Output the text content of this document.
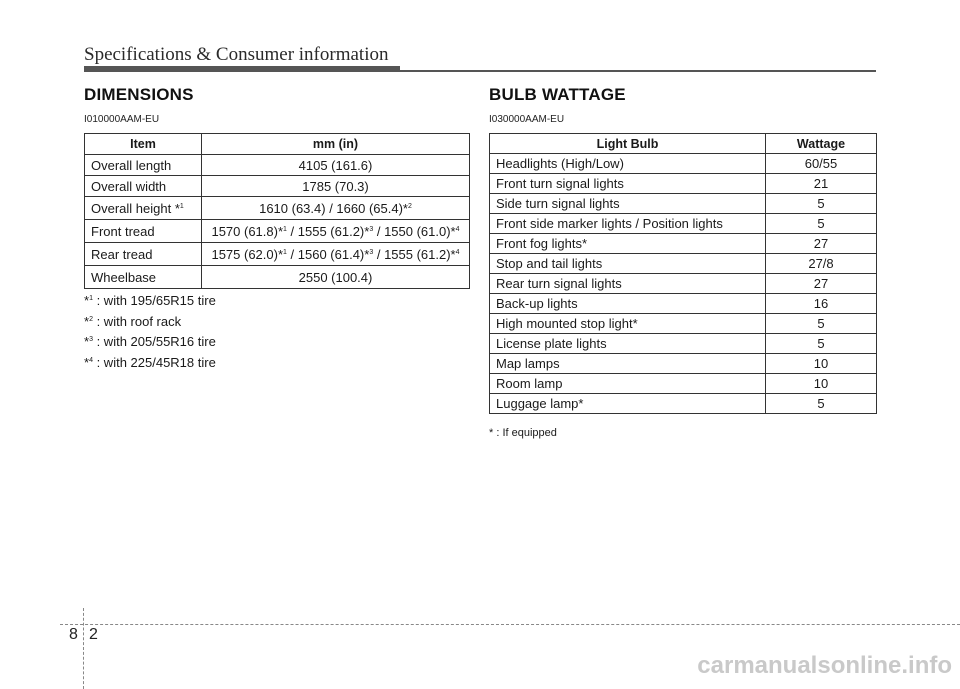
Specifications & Consumer information
DIMENSIONS
I010000AAM-EU
Item	mm (in)
Overall length	4105 (161.6)
Overall width	1785 (70.3)
Overall height *$^1$	1610 (63.4) / 1660 (65.4)*$^2$
Front tread	1570 (61.8)*$^1$ / 1555 (61.2)*$^3$ / 1550 (61.0)*$^4$
Rear tread	1575 (62.0)*$^1$ / 1560 (61.4)*$^3$ / 1555 (61.2)*$^4$
Wheelbase	2550 (100.4)
*$^1$ : with 195/65R15 tire
*$^2$ : with roof rack
*$^3$ : with 205/55R16 tire
*$^4$ : with 225/45R18 tire
BULB WATTAGE
I030000AAM-EU
Light Bulb	Wattage
Headlights (High/Low)	60/55
Front turn signal lights	21
Side turn signal lights	5
Front side marker lights / Position lights	5
Front fog lights*	27
Stop and tail lights	27/8
Rear turn signal lights	27
Back-up lights	16
High mounted stop light*	5
License plate lights	5
Map lamps	10
Room lamp	10
Luggage lamp*	5
* : If equipped
8 2
carmanualsonline.info
